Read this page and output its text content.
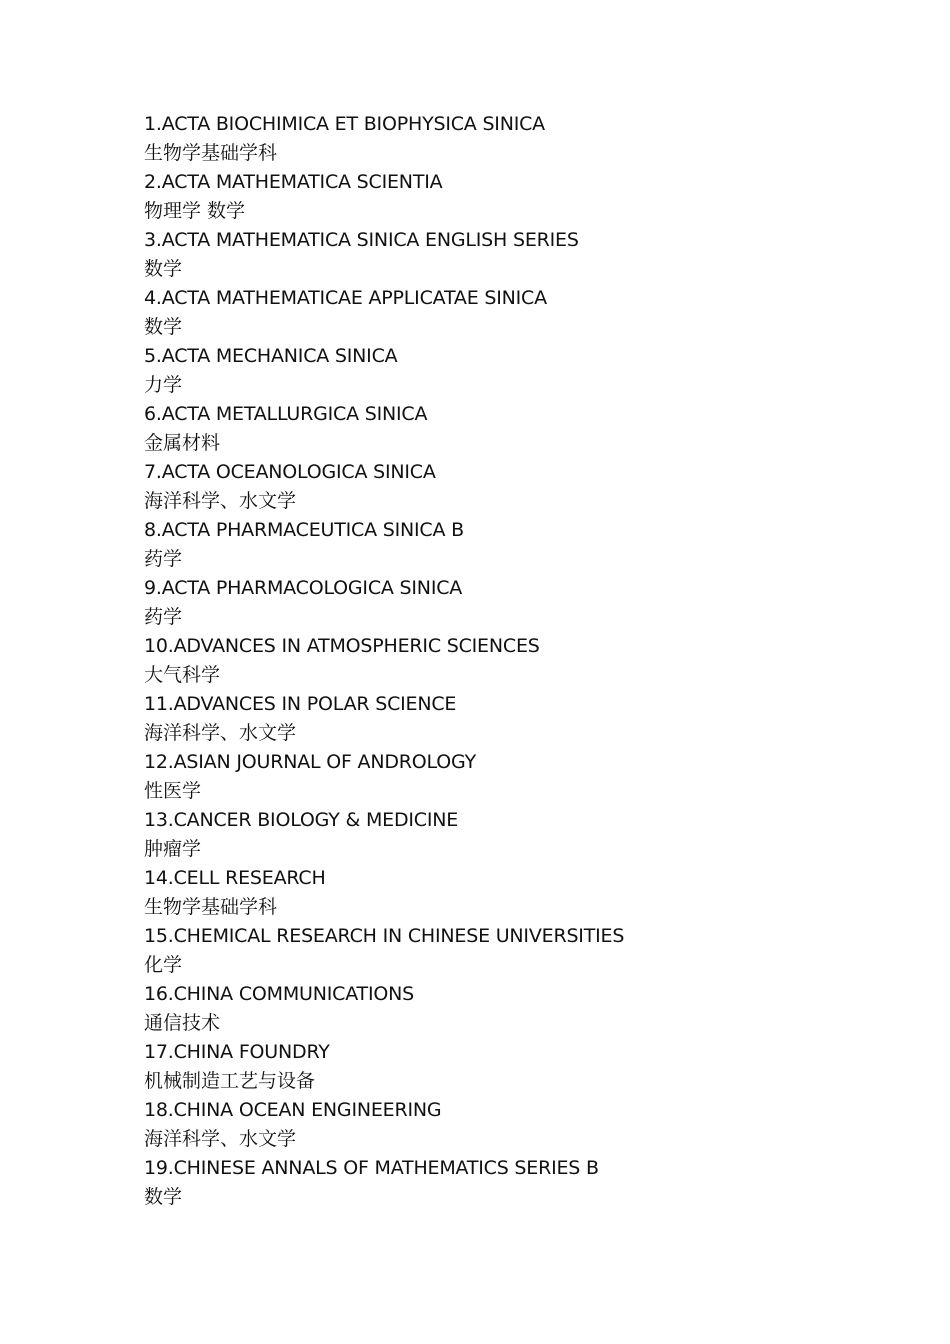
1.ACTA BIOCHIMICA ET BIOPHYSICA SINICA
生物学基础学科
2.ACTA MATHEMATICA SCIENTIA
物理学 数学
3.ACTA MATHEMATICA SINICA ENGLISH SERIES
数学
4.ACTA MATHEMATICAE APPLICATAE SINICA
数学
5.ACTA MECHANICA SINICA
力学
6.ACTA METALLURGICA SINICA
金属材料
7.ACTA OCEANOLOGICA SINICA
海洋科学、水文学
8.ACTA PHARMACEUTICA SINICA B
药学
9.ACTA PHARMACOLOGICA SINICA
药学
10.ADVANCES IN ATMOSPHERIC SCIENCES
大气科学
11.ADVANCES IN POLAR SCIENCE
海洋科学、水文学
12.ASIAN JOURNAL OF ANDROLOGY
性医学
13.CANCER BIOLOGY & MEDICINE
肿瘤学
14.CELL RESEARCH
生物学基础学科
15.CHEMICAL RESEARCH IN CHINESE UNIVERSITIES
化学
16.CHINA COMMUNICATIONS
通信技术
17.CHINA FOUNDRY
机械制造工艺与设备
18.CHINA OCEAN ENGINEERING
海洋科学、水文学
19.CHINESE ANNALS OF MATHEMATICS SERIES B
数学
